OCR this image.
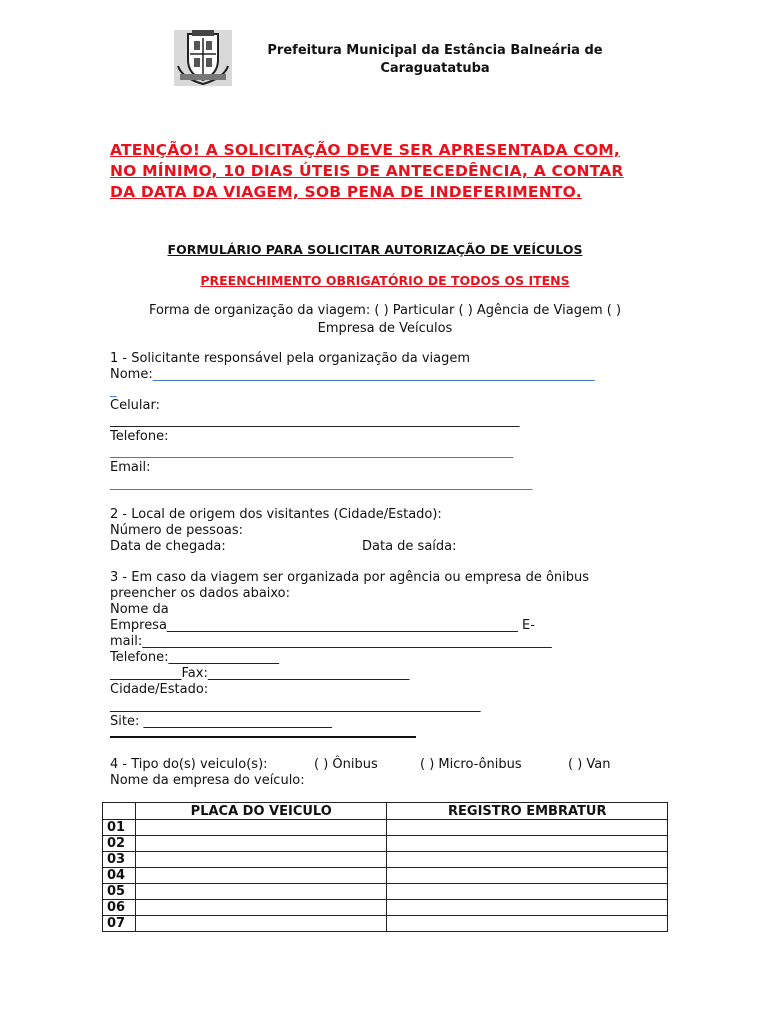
Prefeitura Municipal da Estância Balneária de
Caraguatatuba
ATENÇÃO! A SOLICITAÇÃO DEVE SER APRESENTADA COM,
NO MÍNIMO, 10 DIAS ÚTEIS DE ANTECEDÊNCIA, A CONTAR
DA DATA DA VIAGEM, SOB PENA DE INDEFERIMENTO.
FORMULÁRIO PARA SOLICITAR AUTORIZAÇÃO DE VEÍCULOS
PREENCHIMENTO OBRIGATÓRIO DE TODOS OS ITENS
Forma de organização da viagem: ( ) Particular ( ) Agência de Viagem ( )
Empresa de Veículos
1 - Solicitante responsável pela organização da viagem
Nome:____________________________________________________________________
_
Celular:
_______________________________________________________________
Telefone:
______________________________________________________________
Email:
_________________________________________________________________
2 - Local de origem dos visitantes (Cidade/Estado):
Número de pessoas:
Data de chegada:	Data de saída:
3 - Em caso da viagem ser organizada por agência ou empresa de ônibus
preencher os dados abaixo:
Nome da
Empresa______________________________________________________ E-
mail:_______________________________________________________________
Telefone:_________________
___________Fax:_______________________________
Cidade/Estado:
_________________________________________________________
Site: _____________________________
4 - Tipo do(s) veiculo(s):	( ) Ônibus	( ) Micro-ônibus	( ) Van
Nome da empresa do veículo:
	PLACA DO VEICULO	REGISTRO EMBRATUR
01		
02		
03		
04		
05		
06		
07		
